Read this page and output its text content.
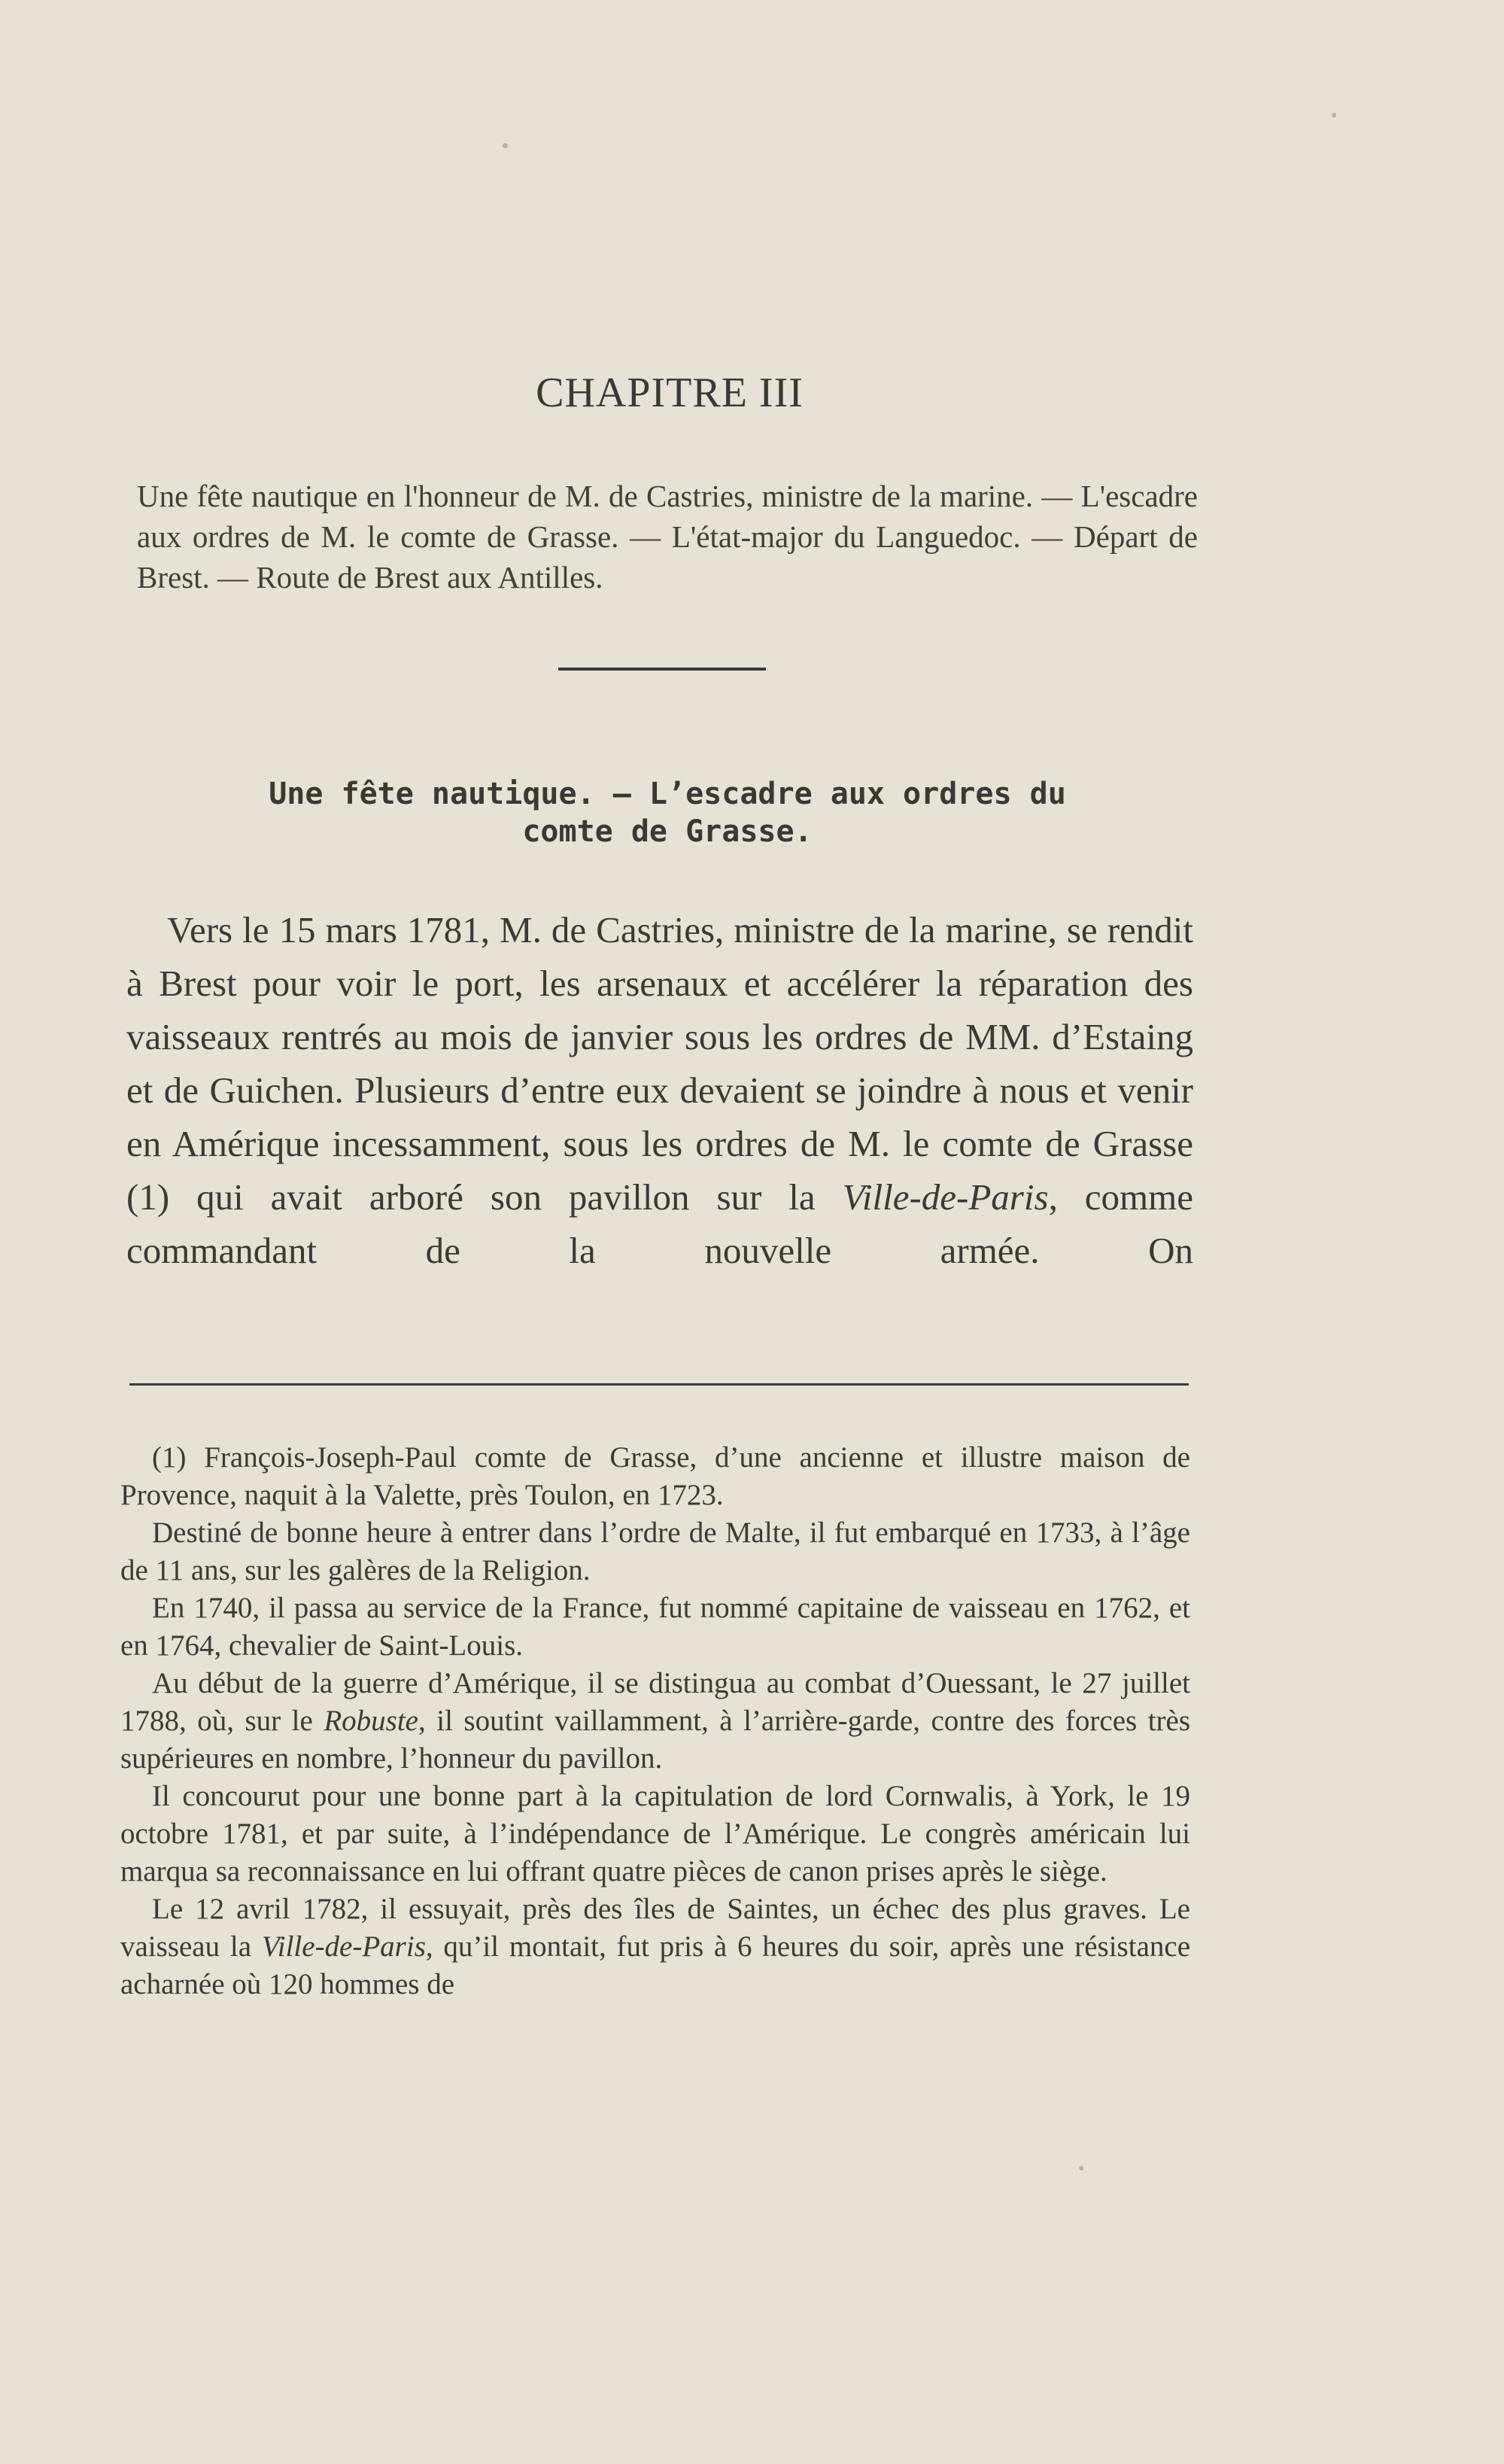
CHAPITRE III
Une fête nautique en l'honneur de M. de Castries, ministre de la marine. — L'escadre aux ordres de M. le comte de Grasse. — L'état-major du Languedoc. — Départ de Brest. — Route de Brest aux Antilles.
Une fête nautique. — L’escadre aux ordres du
comte de Grasse.

Vers le 15 mars 1781, M. de Castries, ministre de la marine, se rendit à Brest pour voir le port, les arsenaux et accélérer la réparation des vaisseaux rentrés au mois de janvier sous les ordres de MM. d’Estaing et de Guichen. Plusieurs d’entre eux devaient se joindre à nous et venir en Amérique incessamment, sous les ordres de M. le comte de Grasse (1) qui avait arboré son pavillon sur la Ville-de-Paris, comme commandant de la nouvelle armée. On

(1) François-Joseph-Paul comte de Grasse, d’une ancienne et illustre maison de Provence, naquit à la Valette, près Toulon, en 1723.

Destiné de bonne heure à entrer dans l’ordre de Malte, il fut embarqué en 1733, à l’âge de 11 ans, sur les galères de la Religion.

En 1740, il passa au service de la France, fut nommé capitaine de vaisseau en 1762, et en 1764, chevalier de Saint-Louis.

Au début de la guerre d’Amérique, il se distingua au combat d’Ouessant, le 27 juillet 1788, où, sur le Robuste, il soutint vaillamment, à l’arrière-garde, contre des forces très supérieures en nombre, l’honneur du pavillon.

Il concourut pour une bonne part à la capitulation de lord Cornwalis, à York, le 19 octobre 1781, et par suite, à l’indépendance de l’Amérique. Le congrès américain lui marqua sa reconnaissance en lui offrant quatre pièces de canon prises après le siège.

Le 12 avril 1782, il essuyait, près des îles de Saintes, un échec des plus graves. Le vaisseau la Ville-de-Paris, qu’il montait, fut pris à 6 heures du soir, après une résistance acharnée où 120 hommes de
